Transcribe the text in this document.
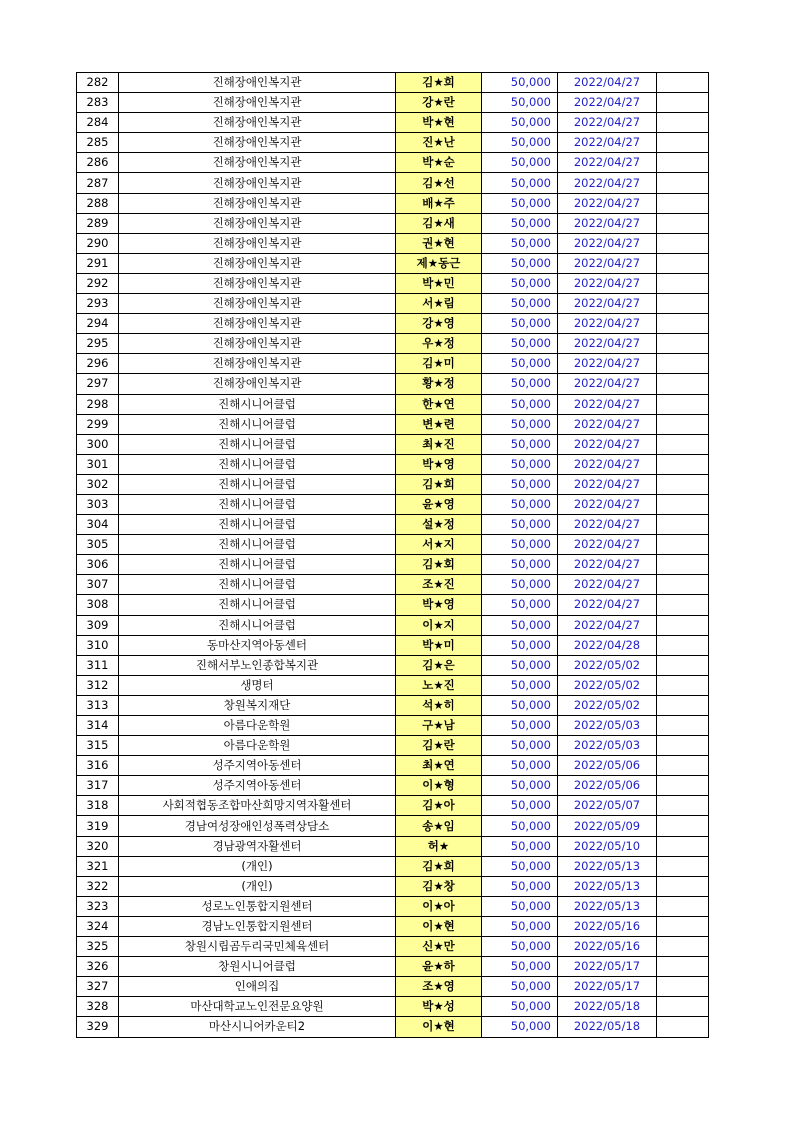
282	진해장애인복지관	김★희	50,000	2022/04/27	
283	진해장애인복지관	강★란	50,000	2022/04/27	
284	진해장애인복지관	박★현	50,000	2022/04/27	
285	진해장애인복지관	진★난	50,000	2022/04/27	
286	진해장애인복지관	박★순	50,000	2022/04/27	
287	진해장애인복지관	김★선	50,000	2022/04/27	
288	진해장애인복지관	배★주	50,000	2022/04/27	
289	진해장애인복지관	김★새	50,000	2022/04/27	
290	진해장애인복지관	권★현	50,000	2022/04/27	
291	진해장애인복지관	제★동근	50,000	2022/04/27	
292	진해장애인복지관	박★민	50,000	2022/04/27	
293	진해장애인복지관	서★림	50,000	2022/04/27	
294	진해장애인복지관	강★영	50,000	2022/04/27	
295	진해장애인복지관	우★정	50,000	2022/04/27	
296	진해장애인복지관	김★미	50,000	2022/04/27	
297	진해장애인복지관	황★정	50,000	2022/04/27	
298	진해시니어클럽	한★연	50,000	2022/04/27	
299	진해시니어클럽	변★련	50,000	2022/04/27	
300	진해시니어클럽	최★진	50,000	2022/04/27	
301	진해시니어클럽	박★영	50,000	2022/04/27	
302	진해시니어클럽	김★희	50,000	2022/04/27	
303	진해시니어클럽	윤★영	50,000	2022/04/27	
304	진해시니어클럽	설★정	50,000	2022/04/27	
305	진해시니어클럽	서★지	50,000	2022/04/27	
306	진해시니어클럽	김★회	50,000	2022/04/27	
307	진해시니어클럽	조★진	50,000	2022/04/27	
308	진해시니어클럽	박★영	50,000	2022/04/27	
309	진해시니어클럽	이★지	50,000	2022/04/27	
310	동마산지역아동센터	박★미	50,000	2022/04/28	
311	진해서부노인종합복지관	김★은	50,000	2022/05/02	
312	생명터	노★진	50,000	2022/05/02	
313	창원복지재단	석★히	50,000	2022/05/02	
314	아름다운학원	구★남	50,000	2022/05/03	
315	아름다운학원	김★란	50,000	2022/05/03	
316	성주지역아동센터	최★연	50,000	2022/05/06	
317	성주지역아동센터	이★형	50,000	2022/05/06	
318	사회적협동조합마산희망지역자활센터	김★아	50,000	2022/05/07	
319	경남여성장애인성폭력상담소	송★임	50,000	2022/05/09	
320	경남광역자활센터	허★	50,000	2022/05/10	
321	(개인)	김★희	50,000	2022/05/13	
322	(개인)	김★창	50,000	2022/05/13	
323	성로노인통합지원센터	이★아	50,000	2022/05/13	
324	경남노인통합지원센터	이★현	50,000	2022/05/16	
325	창원시립곰두리국민체육센터	신★만	50,000	2022/05/16	
326	창원시니어클럽	윤★하	50,000	2022/05/17	
327	인애의집	조★영	50,000	2022/05/17	
328	마산대학교노인전문요양원	박★성	50,000	2022/05/18	
329	마산시니어카운티2	이★현	50,000	2022/05/18	
